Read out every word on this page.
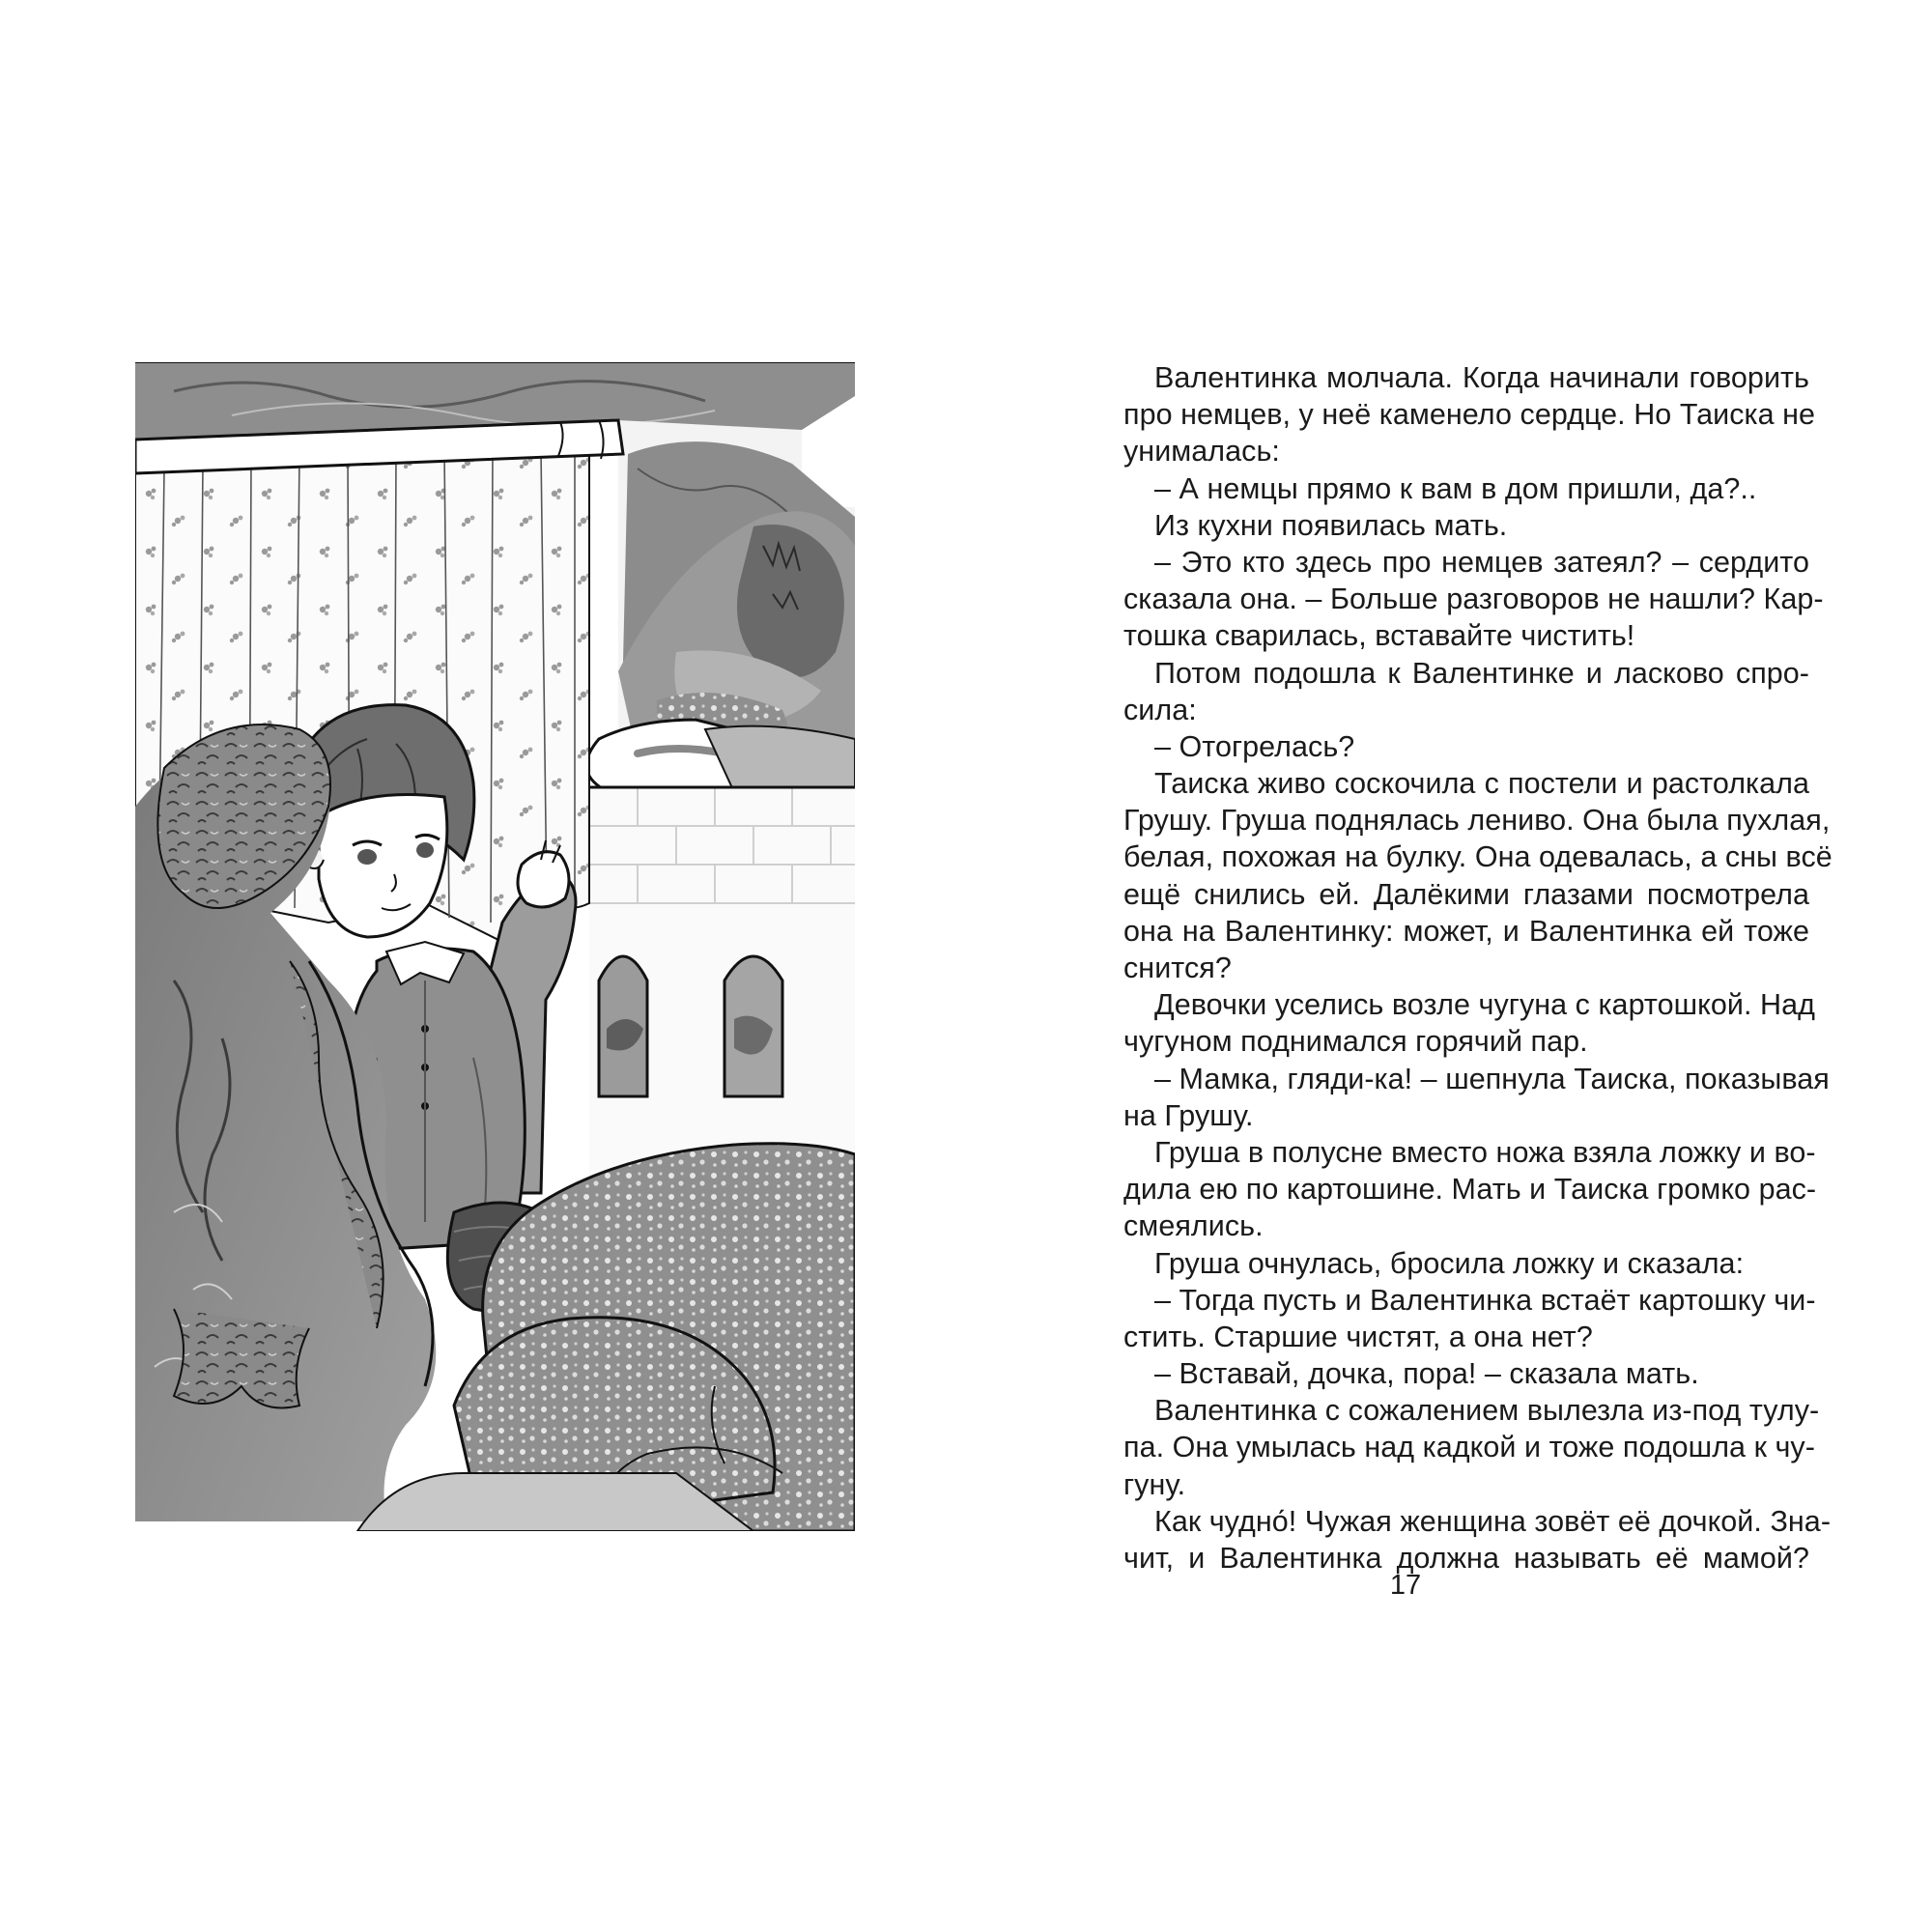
Валентинка молчала. Когда начинали говорить
про немцев, у неё каменело сердце. Но Таиска не
унималась:
– А немцы прямо к вам в дом пришли, да?..
Из кухни появилась мать.
– Это кто здесь про немцев затеял? – сердито
сказала она. – Больше разговоров не нашли? Кар-
тошка сварилась, вставайте чистить!
Потом подошла к Валентинке и ласково спро-
сила:
– Отогрелась?
Таиска живо соскочила с постели и растолкала
Грушу. Груша поднялась лениво. Она была пухлая,
белая, похожая на булку. Она одевалась, а сны всё
ещё снились ей. Далёкими глазами посмотрела
она на Валентинку: может, и Валентинка ей тоже
снится?
Девочки уселись возле чугуна с картошкой. Над
чугуном поднимался горячий пар.
– Мамка, гляди-ка! – шепнула Таиска, показывая
на Грушу.
Груша в полусне вместо ножа взяла ложку и во-
дила ею по картошине. Мать и Таиска громко рас-
смеялись.
Груша очнулась, бросила ложку и сказала:
– Тогда пусть и Валентинка встаёт картошку чи-
стить. Старшие чистят, а она нет?
– Вставай, дочка, пора! – сказала мать.
Валентинка с сожалением вылезла из-под тулу-
па. Она умылась над кадкой и тоже подошла к чу-
гуну.
Как чудно́! Чужая женщина зовёт её дочкой. Зна-
чит, и Валентинка должна называть её мамой?

17
